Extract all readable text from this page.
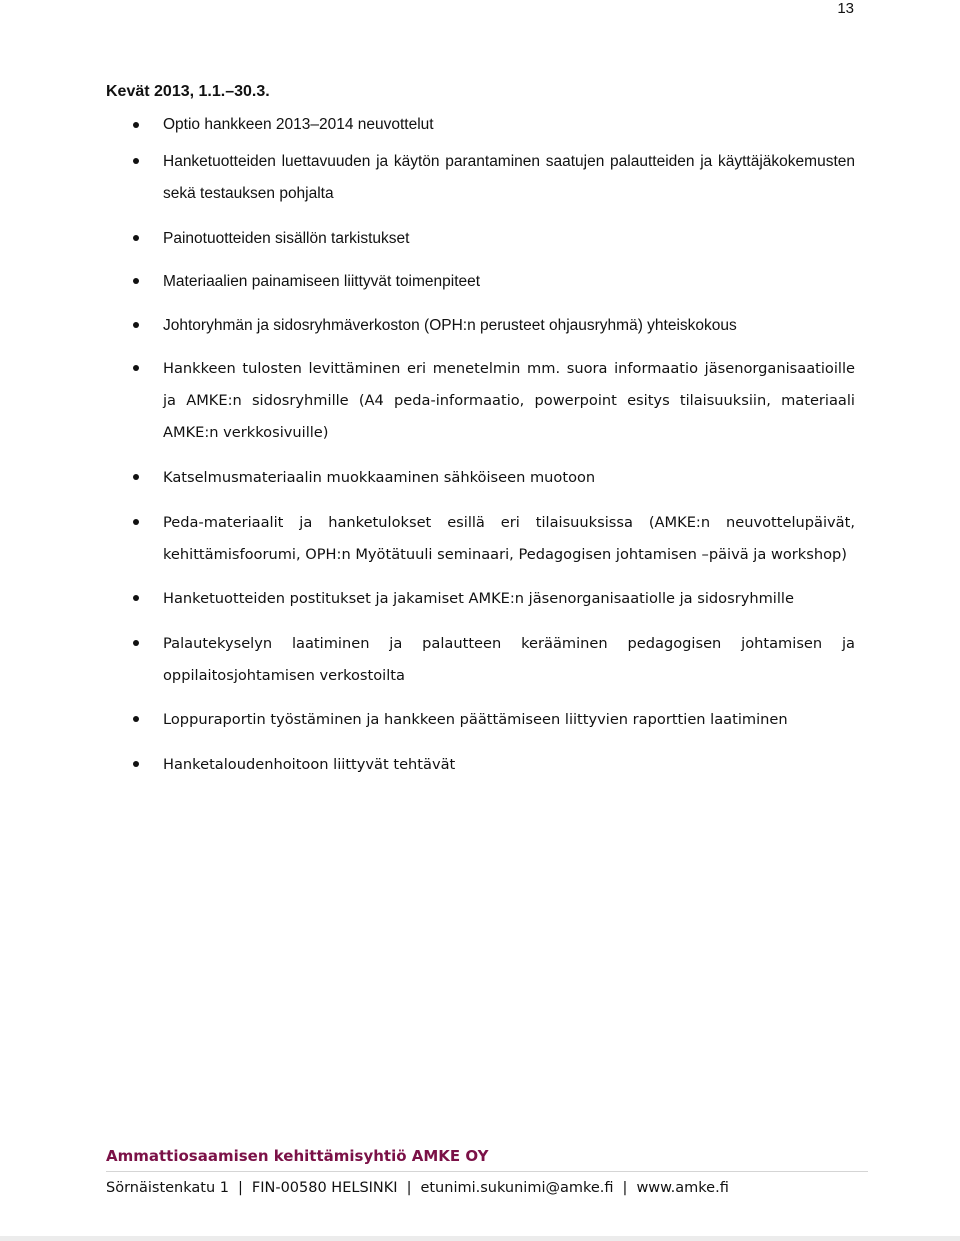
13
Kevät 2013, 1.1.–30.3.
Optio hankkeen 2013–2014 neuvottelut
Hanketuotteiden luettavuuden ja käytön parantaminen saatujen palautteiden ja käyttäjäkokemusten sekä testauksen pohjalta
Painotuotteiden sisällön tarkistukset
Materiaalien painamiseen liittyvät toimenpiteet
Johtoryhmän ja sidosryhmäverkoston (OPH:n perusteet ohjausryhmä) yhteiskokous
Hankkeen tulosten levittäminen eri menetelmin mm. suora informaatio jäsenorganisaatioille ja AMKE:n sidosryhmille (A4 peda-informaatio, powerpoint esitys tilaisuuksiin, materiaali AMKE:n verkkosivuille)
Katselmusmateriaalin muokkaaminen sähköiseen muotoon
Peda-materiaalit ja hanketulokset esillä eri tilaisuuksissa (AMKE:n neuvottelupäivät, kehittämisfoorumi, OPH:n Myötätuuli seminaari, Pedagogisen johtamisen –päivä ja workshop)
Hanketuotteiden postitukset ja jakamiset AMKE:n jäsenorganisaatiolle ja sidosryhmille
Palautekyselyn laatiminen ja palautteen kerääminen pedagogisen johtamisen ja oppilaitosjohtamisen verkostoilta
Loppuraportin työstäminen ja hankkeen päättämiseen liittyvien raporttien laatiminen
Hanketaloudenhoitoon liittyvät tehtävät
Ammattiosaamisen kehittämisyhtiö AMKE OY
Sörnäistenkatu 1 | FIN-00580 HELSINKI | etunimi.sukunimi@amke.fi | www.amke.fi
